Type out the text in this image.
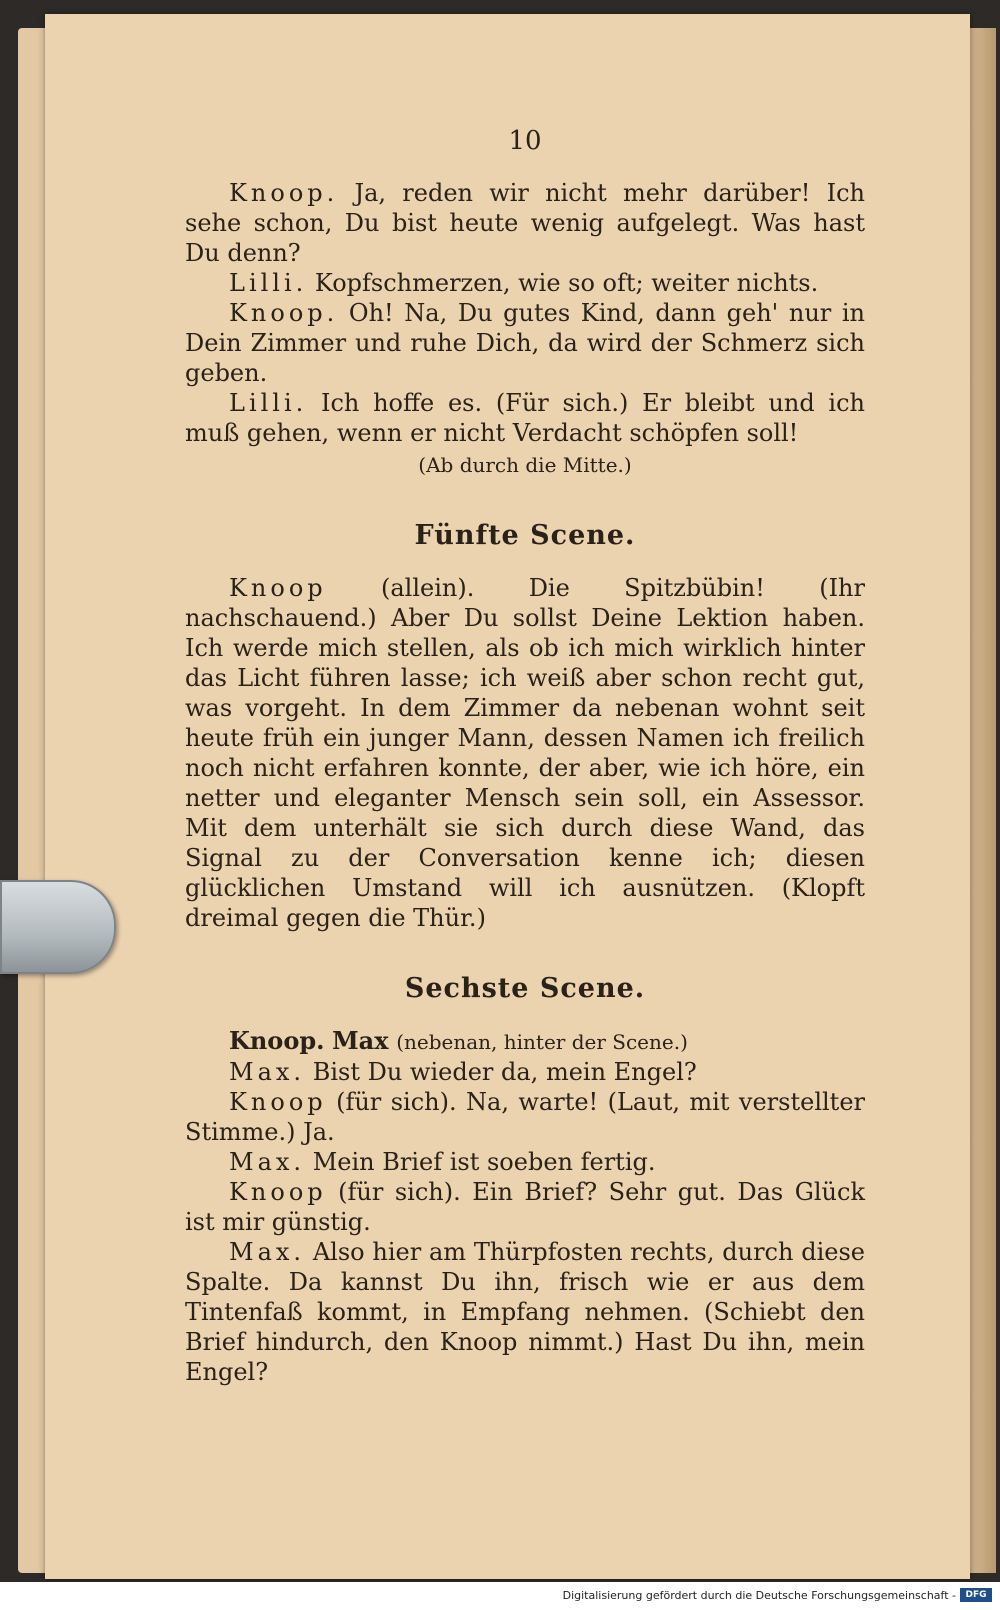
10

Knoop. Ja, reden wir nicht mehr darüber! Ich sehe schon, Du bist heute wenig aufgelegt. Was hast Du denn?

Lilli. Kopfschmerzen, wie so oft; weiter nichts.

Knoop. Oh! Na, Du gutes Kind, dann geh' nur in Dein Zimmer und ruhe Dich, da wird der Schmerz sich geben.

Lilli. Ich hoffe es. (Für sich.) Er bleibt und ich muß gehen, wenn er nicht Verdacht schöpfen soll!

(Ab durch die Mitte.)

Fünfte Scene.

Knoop (allein). Die Spitzbübin! (Ihr nachschauend.) Aber Du sollst Deine Lektion haben. Ich werde mich stellen, als ob ich mich wirklich hinter das Licht führen lasse; ich weiß aber schon recht gut, was vorgeht. In dem Zimmer da nebenan wohnt seit heute früh ein junger Mann, dessen Namen ich freilich noch nicht erfahren konnte, der aber, wie ich höre, ein netter und eleganter Mensch sein soll, ein Assessor. Mit dem unterhält sie sich durch diese Wand, das Signal zu der Conversation kenne ich; diesen glücklichen Umstand will ich ausnützen. (Klopft dreimal gegen die Thür.)

Sechste Scene.

Knoop. Max (nebenan, hinter der Scene.)

Max. Bist Du wieder da, mein Engel?

Knoop (für sich). Na, warte! (Laut, mit verstellter Stimme.) Ja.

Max. Mein Brief ist soeben fertig.

Knoop (für sich). Ein Brief? Sehr gut. Das Glück ist mir günstig.

Max. Also hier am Thürpfosten rechts, durch diese Spalte. Da kannst Du ihn, frisch wie er aus dem Tintenfaß kommt, in Empfang nehmen. (Schiebt den Brief hindurch, den Knoop nimmt.) Hast Du ihn, mein Engel?

Digitalisierung gefördert durch die Deutsche Forschungsgemeinschaft -	DFG
